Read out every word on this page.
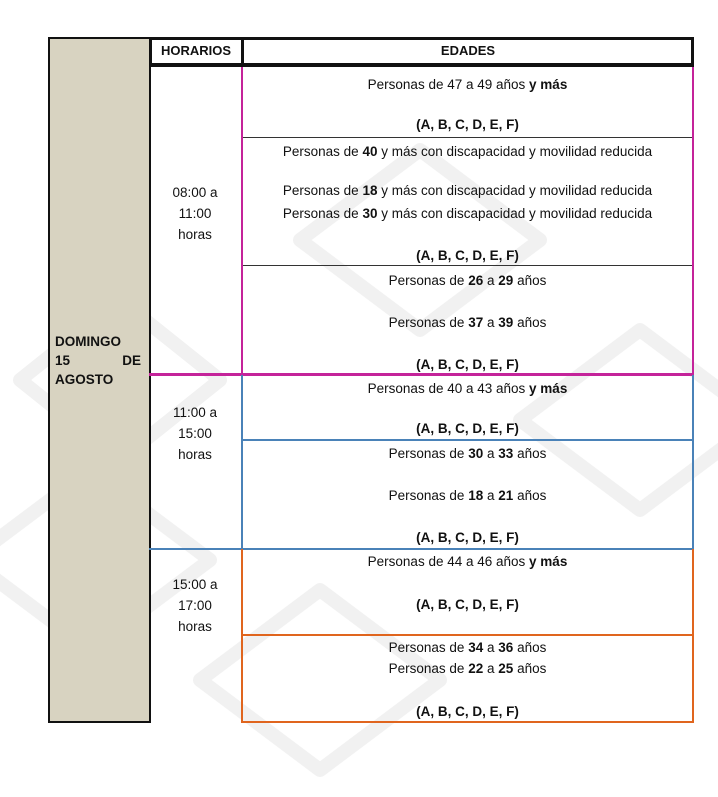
HORARIOS	EDADES
DOMINGO
15	DE
AGOSTO
08:00 a
11:00
horas
11:00 a
15:00
horas
15:00 a
17:00
horas
Personas de 47 a 49 años y más
(A, B, C, D, E, F)
Personas de 40 y más con discapacidad y movilidad reducida
Personas de 18 y más con discapacidad y movilidad reducida
Personas de 30 y más con discapacidad y movilidad reducida
(A, B, C, D, E, F)
Personas de 26 a 29 años
Personas de 37 a 39 años
(A, B, C, D, E, F)
Personas de 40 a 43 años y más
(A, B, C, D, E, F)
Personas de 30 a 33 años
Personas de 18 a 21 años
(A, B, C, D, E, F)
Personas de 44 a 46 años y más
(A, B, C, D, E, F)
Personas de 34 a 36 años
Personas de 22 a 25 años
(A, B, C, D, E, F)
